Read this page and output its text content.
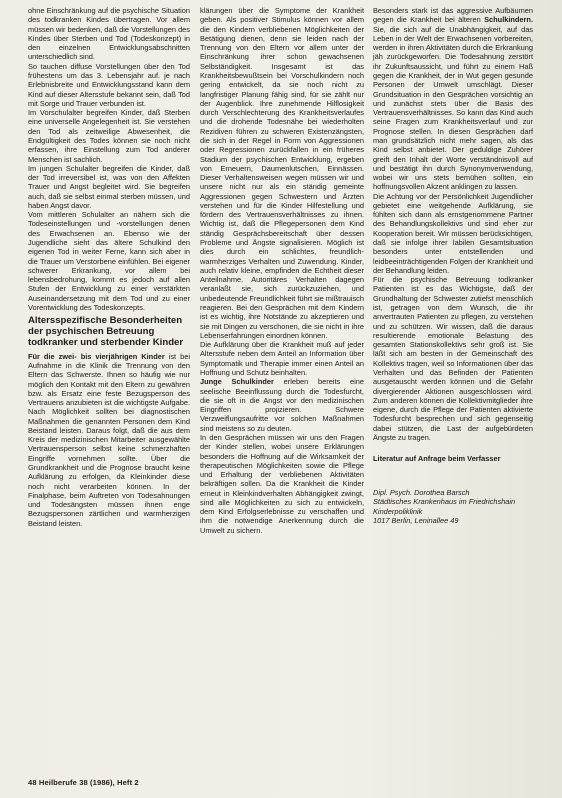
ohne Einschränkung auf die psychische Situation des todkranken Kindes übertragen. Vor allem müssen wir bedenken, daß die Vorstellungen des Kindes über Sterben und Tod (Todeskonzept) in den einzelnen Entwicklungsabschnitten unterschiedlich sind.

So tauchen diffuse Vorstellungen über den Tod frühestens um das 3. Lebensjahr auf. je nach Erlebnisbreite und Entwicklungsstand kann dem Kind auf dieser Altersstufe bekannt sein, daß Tod mit Sorge und Trauer verbunden ist.

Im Vorschulalter begreifen Kinder, daß Sterben eine universelle Angelegenheit ist. Sie verstehen den Tod als zeitweilige Abwesenheit, die Endgültigkeit des Todes können sie noch nicht erfassen, ihre Einstellung zum Tod anderer Menschen ist sachlich.

Im jungen Schulalter begreifen die Kinder, daß der Tod irreversibel ist, was von den Affekten Trauer und Angst begleitet wird. Sie begreifen auch, daß sie selbst einmal sterben müssen, und haben Angst davor.

Vom mittleren Schulalter an nähern sich die Todeseinstellungen und -vorstellungen denen des Erwachsenen an. Ebenso wie der Jugendliche sieht das ältere Schulkind den eigenen Tod in weiter Ferne, kann sich aber in die Trauer um Verstorbene einfühlen. Bei eigener schwerer Erkrankung, vor allem bei lebensbedrohung, kommt es jedoch auf allen Stufen der Entwicklung zu einer verstärkten Auseinandersetzung mit dem Tod und zu einer Vorentwicklung des Todeskonzepts.

Altersspezifische Besonderheiten der psychischen Betreuung todkranker und sterbender Kinder

Für die zwei- bis vierjährigen Kinder ist bei Aufnahme in die Klinik die Trennung von den Eltern das Schwerste. Ihnen so häufig wie nur möglich den Kontakt mit den Eltern zu gewähren bzw. als Ersatz eine feste Bezugsperson des Vertrauens anzubieten ist die wichtigste Aufgabe. Nach Möglichkeit sollten bei diagnostischen Maßnahmen die genannten Personen dem Kind Beistand leisten. Daraus folgt, daß die aus dem Kreis der medizinischen Mitarbeiter ausgewählte Vertrauensperson selbst keine schmerzhaften Eingriffe vornehmen sollte. Über die Grundkrankheit und die Prognose braucht keine Aufklärung zu erfolgen, da Kleinkinder diese noch nicht verarbeiten können. In der Finalphase, beim Auftreten von Todesahnungen und Todesängsten müssen ihnen enge Bezugspersonen zärtlichen und warmherzigen Beistand leisten.

klärungen über die Symptome der Krankheit geben. Als positiver Stimulus können vor allem die den Kindern verbliebenen Möglichkeiten der Betätigung dienen, denn sie leiden nach der Trennung von den Eltern vor allem unter der Einschränkung ihrer schon gewachsenen Selbständigkeit. Insgesamt ist das Krankheitsbewußtsein bei Vorschulkindern noch gering entwickelt, da sie noch nicht zu langfristiger Planung fähig sind, für sie zählt nur der Augenblick. Ihre zunehmende Hilflosigkeit durch Verschlechterung des Krankheitsverlaufes und die drohende Todesnähe bei wiederholten Rezidiven führen zu schweren Existenzängsten, die sich in der Regel in Form von Aggressionen oder Regressionen zurückfallen in ein früheres Stadium der psychischen Entwicklung, ergeben von Erneuern, Daumenlutschen, Einnässen. Dieser Verhaltensweisen wegen müssen wir und unsere nicht nur als ein ständig gemeinte Aggressionen gegen Schwestern und Ärzten verstehen und für die Kinder Hilfestellung und fördern des Vertrauensverhältnisses zu ihnen. Wichtig ist, daß die Pflegepersonen dem Kind ständig Gesprächsbereitschaft über dessen Probleme und Ängste signalisieren. Möglich ist dies durch ein schlichtes, freundlich-warmherziges Verhalten und Zuwendung. Kinder, auch relativ kleine, empfinden die Echtheit dieser Anteilnahme. Autoritäres Verhalten dagegen veranlaßt sie, sich zurückzuziehen, und unbedeutende Freundlichkeit führt sie mißtrauisch reagieren. Bei den Gesprächen mit dem Kindern ist es wichtig, ihre Notstände zu akzeptieren und sie mit Dingen zu verschonen, die sie nicht in ihre Lebenserfahrungen einordnen können.

Die Aufklärung über die Krankheit muß auf jeder Altersstufe neben dem Anteil an Information über Symptomatik und Therapie immer einen Anteil an Hoffnung und Schutz beinhalten.

Junge Schulkinder erleben bereits eine seelische Beeinflussung durch die Todesfurcht, die sie oft in die Angst vor den medizinischen Eingriffen projizieren. Schwere Verzweiflungsaufritte vor solchen Maßnahmen sind meistens so zu deuten.

In den Gesprächen müssen wir uns den Fragen der Kinder stellen, wobei unsere Erklärungen besonders die Hoffnung auf die Wirksamkeit der therapeutischen Möglichkeiten sowie die Pflege und Erhaltung der verbliebenen Aktivitäten bekräftigen sollen. Da die Krankheit die Kinder erneut in Kleinkindverhalten Abhängigkeit zwingt, sind alle Möglichkeiten zu sich zu entwickeln, dem Kind Erfolgserlebnisse zu verschaffen und ihm die notwendige Anerkennung durch die Umwelt zu sichern.

Besonders stark ist das aggressive Aufbäumen gegen die Krankheit bei älteren Schulkindern. Sie, die sich auf die Unabhängigkeit, auf das Leben in der Welt der Erwachsenen vorbereiten, werden in ihren Aktivitäten durch die Erkrankung jäh zurückgeworfen. Die Todesahnung zerstört ihr Zukunftsaussicht, und führt zu einem Haß gegen die Krankheit, der in Wut gegen gesunde Personen der Umwelt umschlägt. Dieser Grundsituation in den Gesprächen vorsichtig an und zunächst stets über die Basis des Vertrauensverhältnisses. So kann das Kind auch seine Fragen zum Krankheitsverlauf und zur Prognose stellen. In diesen Gesprächen darf man grundsätzlich nicht mehr sagen, als das Kind selbst anbietet. Der geduldige Zuhörer greift den Inhalt der Worte verständnisvoll auf und bestätigt ihn durch Synonymverwendung, wobei wir uns stets bemühen sollten, ein hoffnungsvollen Akzent anklingen zu lassen.

Die Achtung vor der Persönlichkeit Jugendlicher gebietet eine weitgehende Aufklärung, sie fühlten sich dann als ernstgenommene Partner des Behandlungskollektivs und sind eher zur Kooperation bereit. Wir müssen berücksichtigen, daß sie infolge ihrer labilen Gesamtsituation besonders unter entstellenden und leidbeeinträchtigenden Folgen der Krankheit und der Behandlung leiden.

Für die psychische Betreuung todkranker Patienten ist es das Wichtigste, daß der Grundhaltung der Schwester zutiefst menschlich ist, getragen von dem Wunsch, die ihr anvertrauten Patienten zu pflegen, zu verstehen und zu schützen. Wir wissen, daß die daraus resultierende emotionale Belastung des gesamten Stationskollektivs sehr groß ist. Sie läßt sich am besten in der Gemeinschaft des Kollektivs tragen, weil so Informationen über das Verhalten und das Befinden der Patienten ausgetauscht werden können und die Gefahr divergierender Aktionen ausgeschlossen wird. Zum anderen können die Kollektivmitglieder ihre eigene, durch die Pflege der Patienten aktivierte Todesfurcht besprechen und sich gegenseitig dabei stützen, die Last der aufgebürdeten Ängste zu tragen.

Literatur auf Anfrage beim Verfasser

Dipl. Psych. Dorothea Barsch
Städtisches Krankenhaus im Friedrichshain
Kinderpoliklinik
1017 Berlin, Leninallee 49
48 Heilberufe 38 (1986), Heft 2
